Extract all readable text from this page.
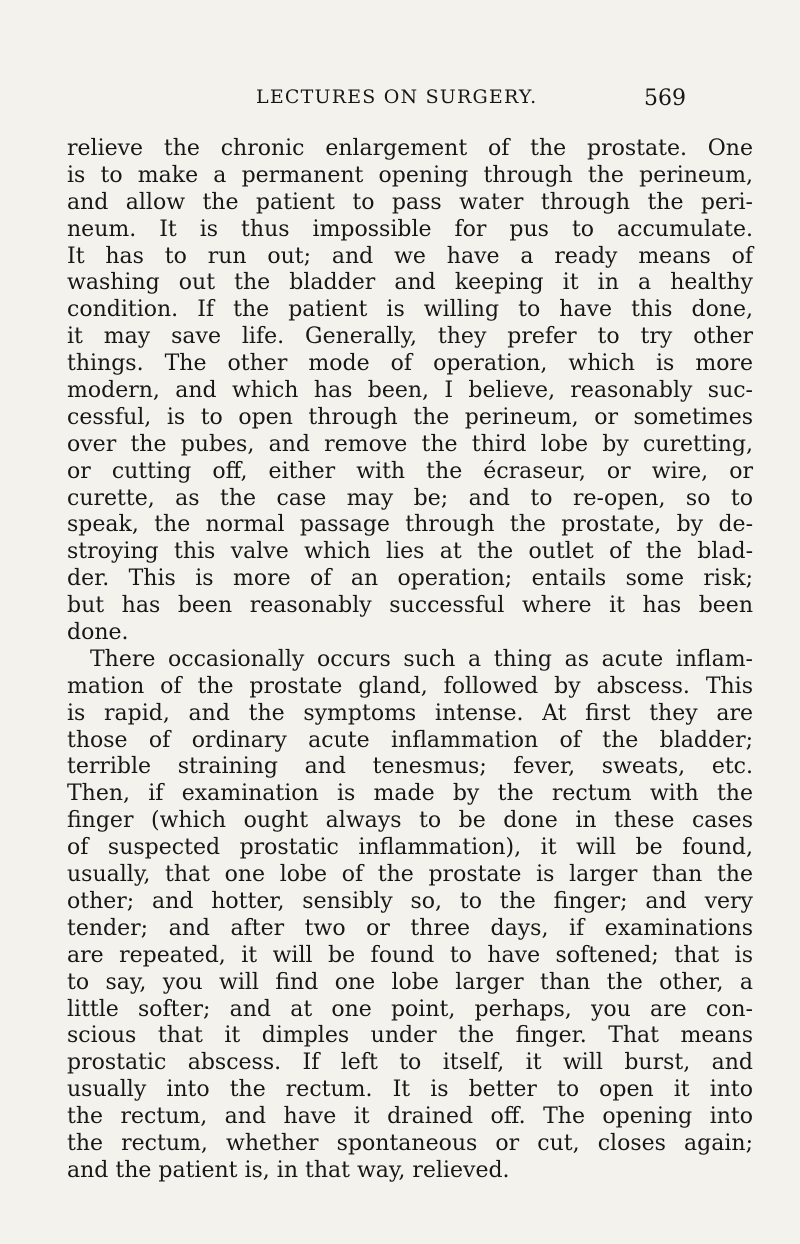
LECTURES ON SURGERY.	569
relieve the chronic enlargement of the prostate. One
is to make a permanent opening through the perineum,
and allow the patient to pass water through the peri-
neum. It is thus impossible for pus to accumulate.
It has to run out; and we have a ready means of
washing out the bladder and keeping it in a healthy
condition. If the patient is willing to have this done,
it may save life. Generally, they prefer to try other
things. The other mode of operation, which is more
modern, and which has been, I believe, reasonably suc-
cessful, is to open through the perineum, or sometimes
over the pubes, and remove the third lobe by curetting,
or cutting off, either with the écraseur, or wire, or
curette, as the case may be; and to re-open, so to
speak, the normal passage through the prostate, by de-
stroying this valve which lies at the outlet of the blad-
der. This is more of an operation; entails some risk;
but has been reasonably successful where it has been
done.
There occasionally occurs such a thing as acute inflam-
mation of the prostate gland, followed by abscess. This
is rapid, and the symptoms intense. At first they are
those of ordinary acute inflammation of the bladder;
terrible straining and tenesmus; fever, sweats, etc.
Then, if examination is made by the rectum with the
finger (which ought always to be done in these cases
of suspected prostatic inflammation), it will be found,
usually, that one lobe of the prostate is larger than the
other; and hotter, sensibly so, to the finger; and very
tender; and after two or three days, if examinations
are repeated, it will be found to have softened; that is
to say, you will find one lobe larger than the other, a
little softer; and at one point, perhaps, you are con-
scious that it dimples under the finger. That means
prostatic abscess. If left to itself, it will burst, and
usually into the rectum. It is better to open it into
the rectum, and have it drained off. The opening into
the rectum, whether spontaneous or cut, closes again;
and the patient is, in that way, relieved.
